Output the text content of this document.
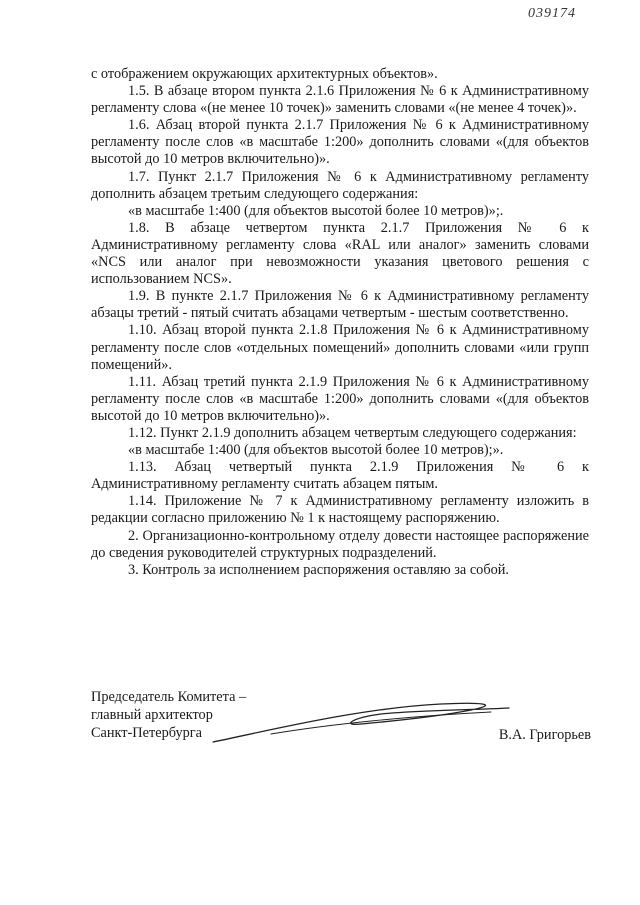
039174

с отображением окружающих архитектурных объектов».

1.5. В абзаце втором пункта 2.1.6 Приложения № 6 к Административному регламенту слова «(не менее 10 точек)» заменить словами «(не менее 4 точек)».

1.6. Абзац второй пункта 2.1.7 Приложения № 6 к Административному регламенту после слов «в масштабе 1:200» дополнить словами «(для объектов высотой до 10 метров включительно)».

1.7. Пункт 2.1.7 Приложения № 6 к Административному регламенту дополнить абзацем третьим следующего содержания:

«в масштабе 1:400 (для объектов высотой более 10 метров)»;.

1.8. В абзаце четвертом пункта 2.1.7 Приложения № 6 к Административному регламенту слова «RAL или аналог» заменить словами «NCS или аналог при невозможности указания цветового решения с использованием NCS».

1.9. В пункте 2.1.7 Приложения № 6 к Административному регламенту абзацы третий - пятый считать абзацами четвертым - шестым соответственно.

1.10. Абзац второй пункта 2.1.8 Приложения № 6 к Административному регламенту после слов «отдельных помещений» дополнить словами «или групп помещений».

1.11. Абзац третий пункта 2.1.9 Приложения № 6 к Административному регламенту после слов «в масштабе 1:200» дополнить словами «(для объектов высотой до 10 метров включительно)».

1.12. Пункт 2.1.9 дополнить абзацем четвертым следующего содержания:

«в масштабе 1:400 (для объектов высотой более 10 метров);».

1.13. Абзац четвертый пункта 2.1.9 Приложения № 6 к Административному регламенту считать абзацем пятым.

1.14. Приложение № 7 к Административному регламенту изложить в редакции согласно приложению № 1 к настоящему распоряжению.

2. Организационно-контрольному отделу довести настоящее распоряжение до сведения руководителей структурных подразделений.

3. Контроль за исполнением распоряжения оставляю за собой.

Председатель Комитета –
главный архитектор
Санкт-Петербурга	В.А. Григорьев
